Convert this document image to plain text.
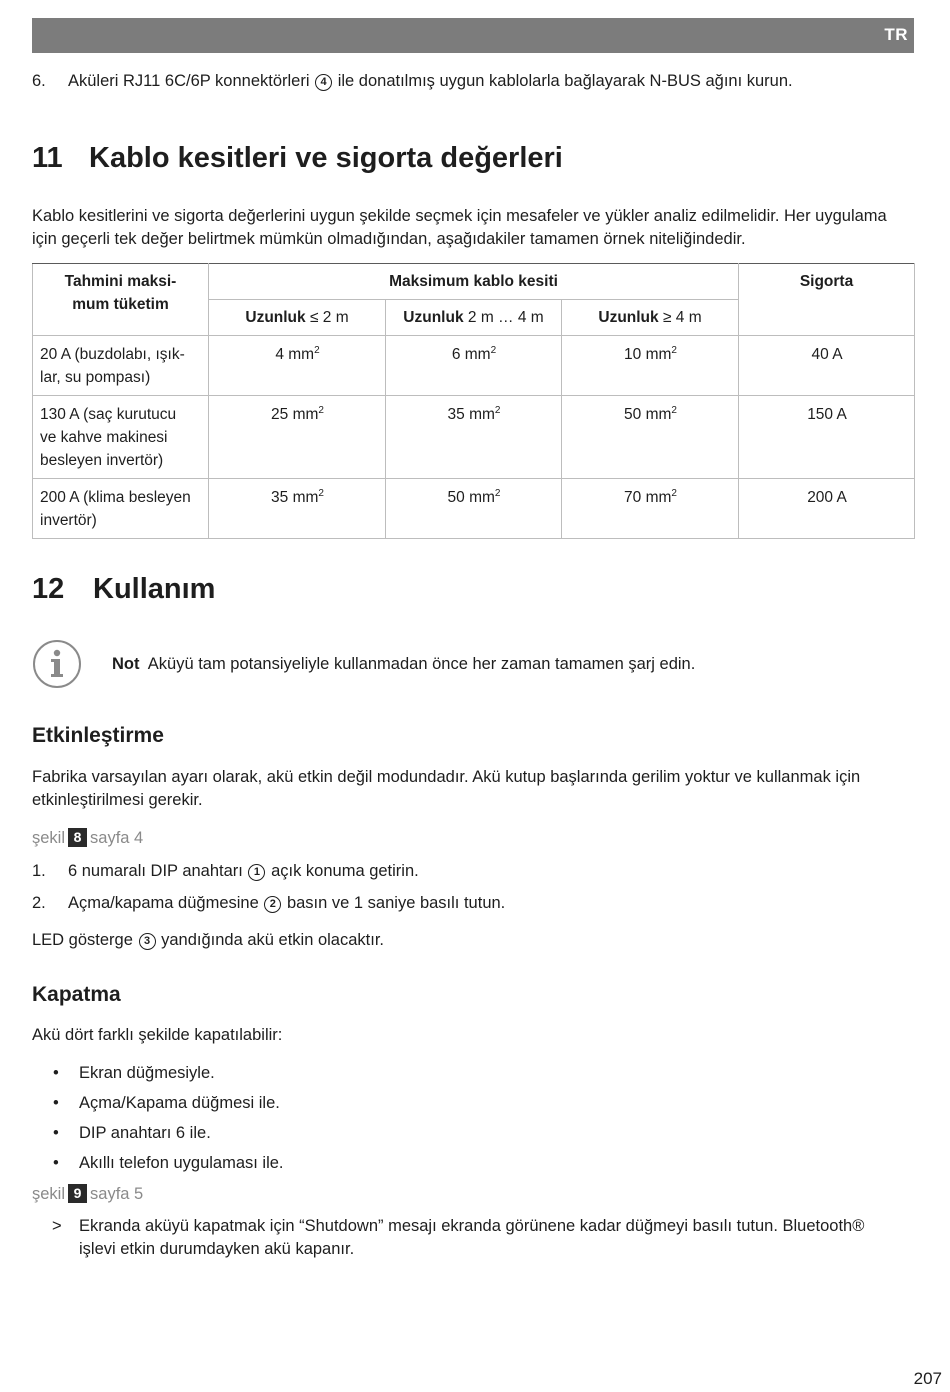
TR
6. Aküleri RJ11 6C/6P konnektörleri 4 ile donatılmış uygun kablolarla bağlayarak N-BUS ağını kurun.
11 Kablo kesitleri ve sigorta değerleri
Kablo kesitlerini ve sigorta değerlerini uygun şekilde seçmek için mesafeler ve yükler analiz edilmelidir. Her uygulama
için geçerli tek değer belirtmek mümkün olmadığından, aşağıdakiler tamamen örnek niteliğindedir.
Tahmini maksi-
mum tüketim	Maksimum kablo kesiti			Sigorta
	Uzunluk ≤ 2 m	Uzunluk 2 m … 4 m	Uzunluk ≥ 4 m	

20 A (buzdolabı, ışık-
lar, su pompası)	4 $mm^2$	6 $mm^2$	10 $mm^2$	40 A

130 A (saç kurutucu
ve kahve makinesi
besleyen invertör)	25 $mm^2$	35 $mm^2$	50 $mm^2$	150 A

200 A (klima besleyen
invertör)	35 $mm^2$	50 $mm^2$	70 $mm^2$	200 A
12 Kullanım
Not Aküyü tam potansiyeliyle kullanmadan önce her zaman tamamen şarj edin.
Etkinleştirme
Fabrika varsayılan ayarı olarak, akü etkin değil modundadır. Akü kutup başlarında gerilim yoktur ve kullanmak için
etkinleştirilmesi gerekir.
şekil 8 sayfa 4
1. 6 numaralı DIP anahtarı 1 açık konuma getirin.
2. Açma/kapama düğmesine 2 basın ve 1 saniye basılı tutun.
LED gösterge 3 yandığında akü etkin olacaktır.
Kapatma
Akü dört farklı şekilde kapatılabilir:
• Ekran düğmesiyle.
• Açma/Kapama düğmesi ile.
• DIP anahtarı 6 ile.
• Akıllı telefon uygulaması ile.
şekil 9 sayfa 5
> Ekranda aküyü kapatmak için “Shutdown” mesajı ekranda görünene kadar düğmeyi basılı tutun. Bluetooth®
işlevi etkin durumdayken akü kapanır.
207
